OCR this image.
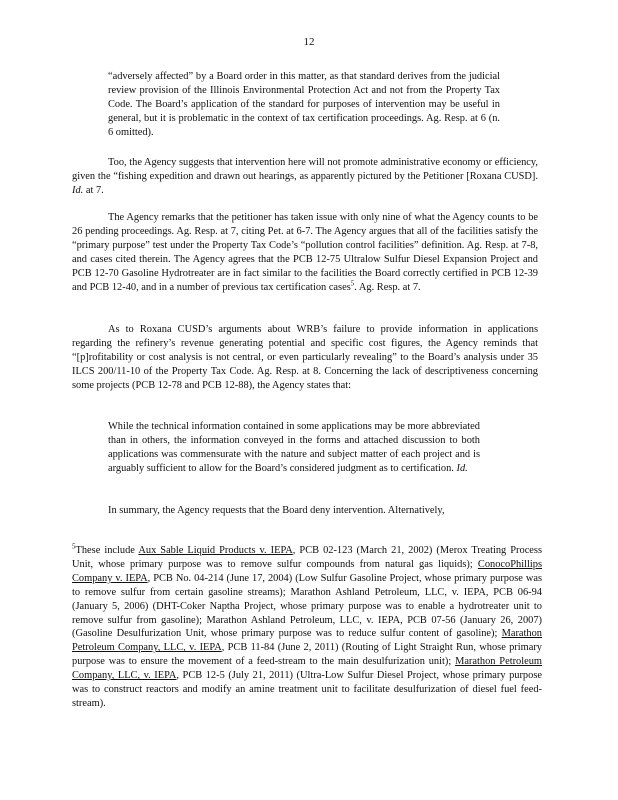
12

“adversely affected” by a Board order in this matter, as that standard derives from the judicial review provision of the Illinois Environmental Protection Act and not from the Property Tax Code. The Board’s application of the standard for purposes of intervention may be useful in general, but it is problematic in the context of tax certification proceedings. Ag. Resp. at 6 (n. 6 omitted).

Too, the Agency suggests that intervention here will not promote administrative economy or efficiency, given the “fishing expedition and drawn out hearings, as apparently pictured by the Petitioner [Roxana CUSD]. Id. at 7.

The Agency remarks that the petitioner has taken issue with only nine of what the Agency counts to be 26 pending proceedings. Ag. Resp. at 7, citing Pet. at 6-7. The Agency argues that all of the facilities satisfy the “primary purpose” test under the Property Tax Code’s “pollution control facilities” definition. Ag. Resp. at 7-8, and cases cited therein. The Agency agrees that the PCB 12-75 Ultralow Sulfur Diesel Expansion Project and PCB 12-70 Gasoline Hydrotreater are in fact similar to the facilities the Board correctly certified in PCB 12-39 and PCB 12-40, and in a number of previous tax certification cases$^5$. Ag. Resp. at 7.

As to Roxana CUSD’s arguments about WRB’s failure to provide information in applications regarding the refinery’s revenue generating potential and specific cost figures, the Agency reminds that “[p]rofitability or cost analysis is not central, or even particularly revealing” to the Board’s analysis under 35 ILCS 200/11-10 of the Property Tax Code. Ag. Resp. at 8. Concerning the lack of descriptiveness concerning some projects (PCB 12-78 and PCB 12-88), the Agency states that:

While the technical information contained in some applications may be more abbreviated than in others, the information conveyed in the forms and attached discussion to both applications was commensurate with the nature and subject matter of each project and is arguably sufficient to allow for the Board’s considered judgment as to certification. Id.

In summary, the Agency requests that the Board deny intervention. Alternatively,

$^5$These include Aux Sable Liquid Products v. IEPA, PCB 02-123 (March 21, 2002) (Merox Treating Process Unit, whose primary purpose was to remove sulfur compounds from natural gas liquids); ConocoPhillips Company v. IEPA, PCB No. 04-214 (June 17, 2004) (Low Sulfur Gasoline Project, whose primary purpose was to remove sulfur from certain gasoline streams); Marathon Ashland Petroleum, LLC, v. IEPA, PCB 06-94 (January 5, 2006) (DHT-Coker Naptha Project, whose primary purpose was to enable a hydrotreater unit to remove sulfur from gasoline); Marathon Ashland Petroleum, LLC, v. IEPA, PCB 07-56 (January 26, 2007) (Gasoline Desulfurization Unit, whose primary purpose was to reduce sulfur content of gasoline); Marathon Petroleum Company, LLC, v. IEPA, PCB 11-84 (June 2, 2011) (Routing of Light Straight Run, whose primary purpose was to ensure the movement of a feed-stream to the main desulfurization unit); Marathon Petroleum Company, LLC, v. IEPA, PCB 12-5 (July 21, 2011) (Ultra-Low Sulfur Diesel Project, whose primary purpose was to construct reactors and modify an amine treatment unit to facilitate desulfurization of diesel fuel feed-stream).
